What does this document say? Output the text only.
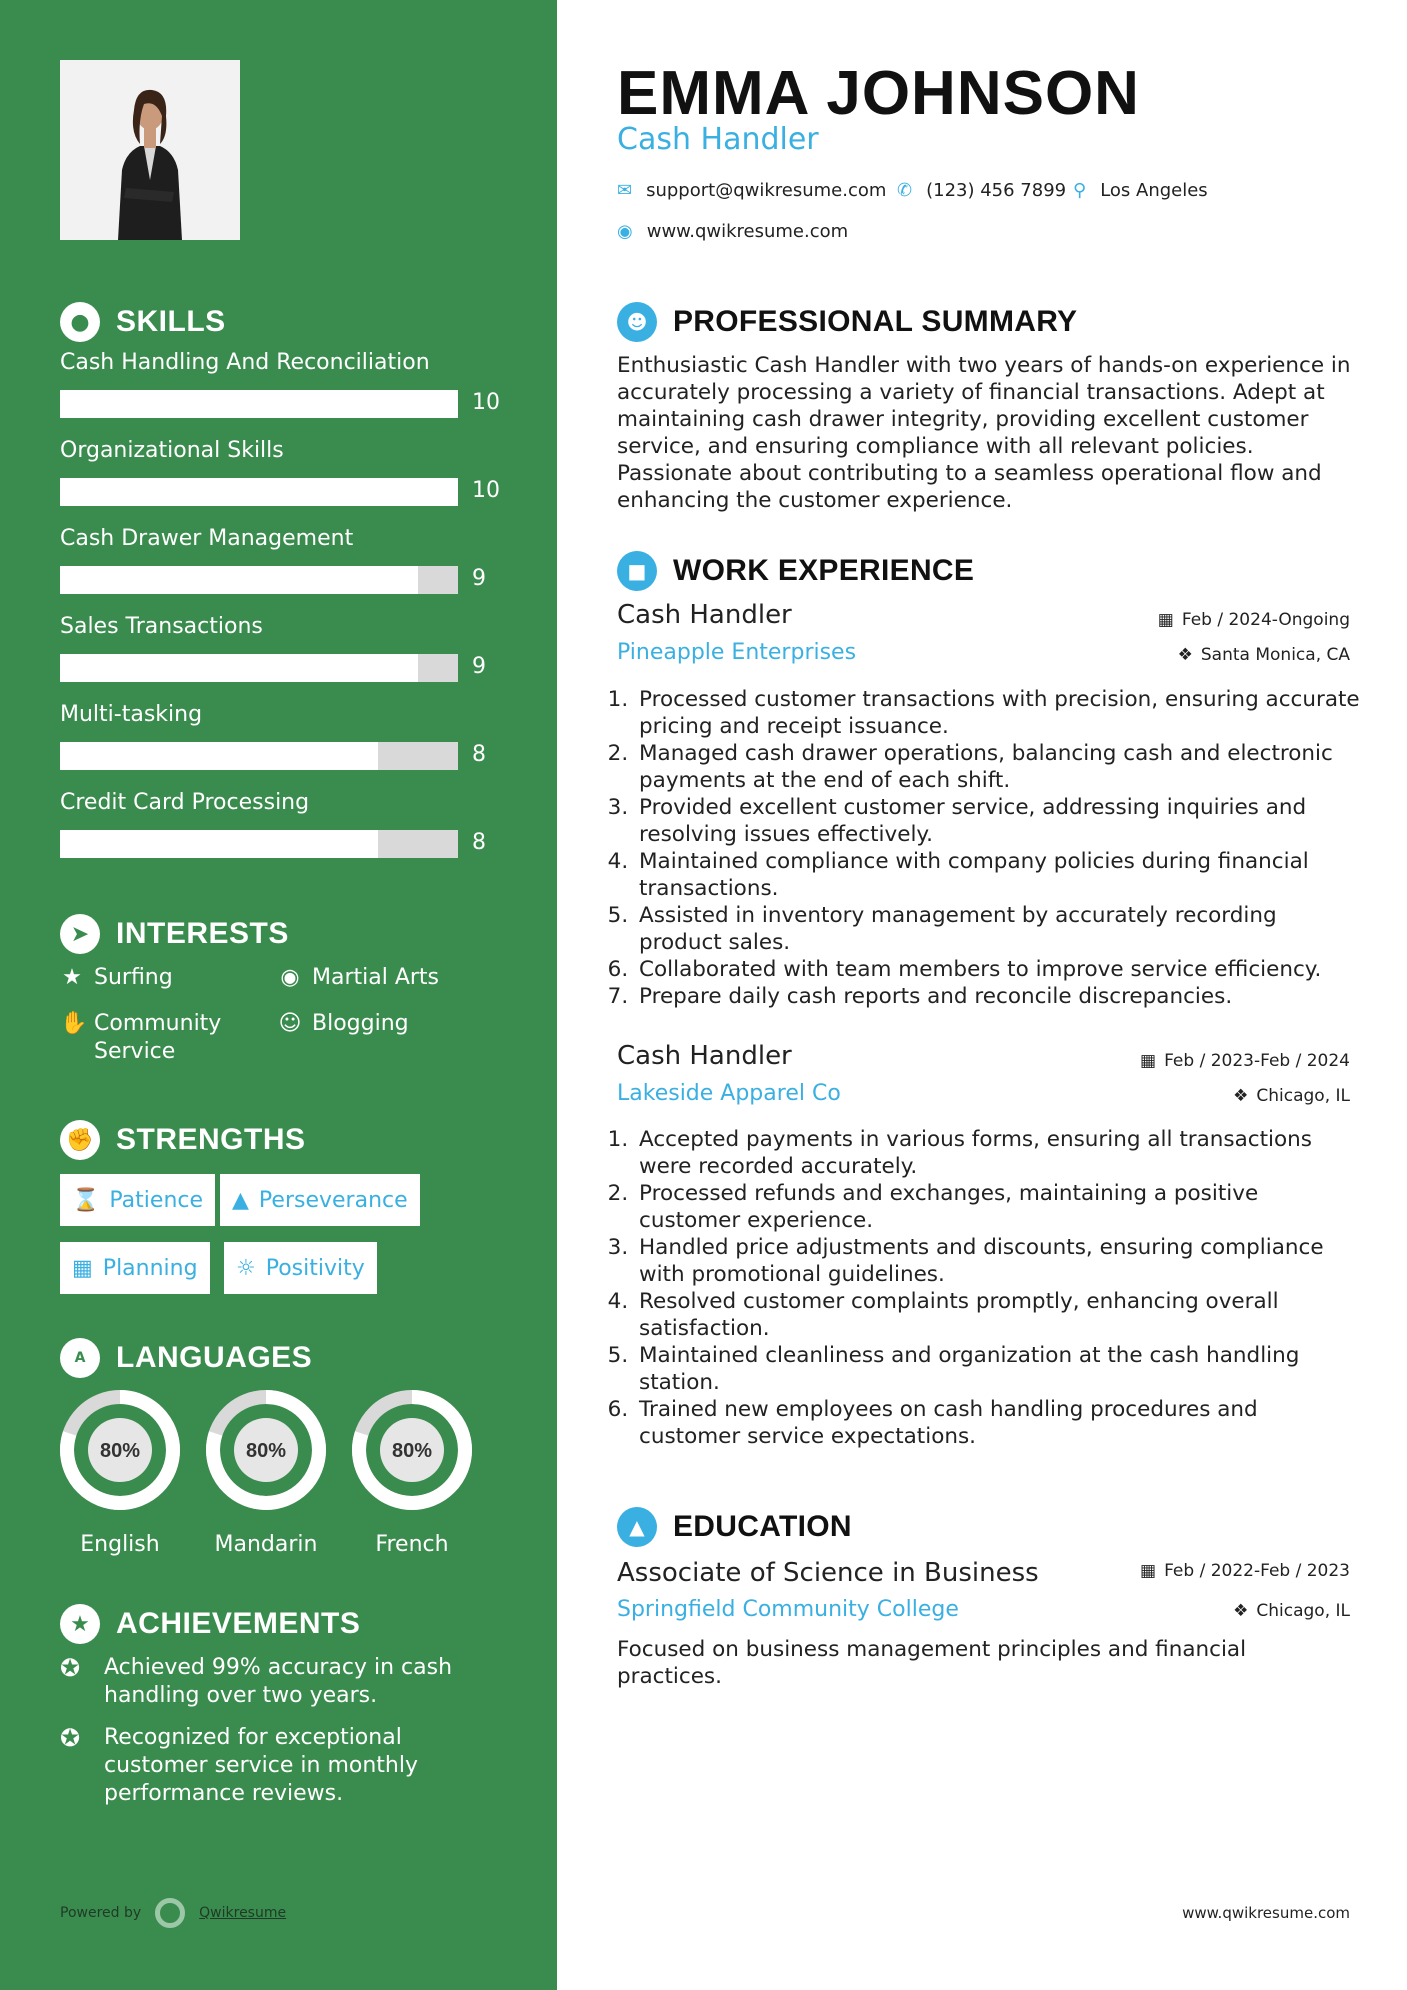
● SKILLS
Cash Handling And Reconciliation
10
Organizational Skills
10
Cash Drawer Management
9
Sales Transactions
9
Multi-tasking
8
Credit Card Processing
8
➤ INTERESTS
★ Surfing	◉ Martial Arts
✋ Community Service
☺ Blogging
✊ STRENGTHS
⌛ Patience ▲ Perseverance
▦ Planning ☼ Positivity
A	LANGUAGES
80%
English
80%
Mandarin
80%
French
★ ACHIEVEMENTS
✪	Achieved 99% accuracy in cash handling over two years.
✪	Recognized for exceptional customer service in monthly performance reviews.
Powered by	Qwikresume
EMMA JOHNSON
Cash Handler
✉ support@qwikresume.com ✆ (123) 456 7899 ⚲ Los Angeles
◉ www.qwikresume.com
☻ PROFESSIONAL SUMMARY
Enthusiastic Cash Handler with two years of hands-on experience in accurately processing a variety of financial transactions. Adept at maintaining cash drawer integrity, providing excellent customer service, and ensuring compliance with all relevant policies. Passionate about contributing to a seamless operational flow and enhancing the customer experience.
■ WORK EXPERIENCE
Cash Handler	▦ Feb / 2024-Ongoing
Pineapple Enterprises	❖ Santa Monica, CA
1. Processed customer transactions with precision, ensuring accurate pricing and receipt issuance.
2. Managed cash drawer operations, balancing cash and electronic payments at the end of each shift.
3. Provided excellent customer service, addressing inquiries and resolving issues effectively.
4. Maintained compliance with company policies during financial transactions.
5. Assisted in inventory management by accurately recording product sales.
6. Collaborated with team members to improve service efficiency.
7. Prepare daily cash reports and reconcile discrepancies.
Cash Handler	▦ Feb / 2023-Feb / 2024
Lakeside Apparel Co	❖ Chicago, IL
1. Accepted payments in various forms, ensuring all transactions were recorded accurately.
2. Processed refunds and exchanges, maintaining a positive customer experience.
3. Handled price adjustments and discounts, ensuring compliance with promotional guidelines.
4. Resolved customer complaints promptly, enhancing overall satisfaction.
5. Maintained cleanliness and organization at the cash handling station.
6. Trained new employees on cash handling procedures and customer service expectations.
▲ EDUCATION
Associate of Science in Business	▦ Feb / 2022-Feb / 2023
Springfield Community College	❖ Chicago, IL
Focused on business management principles and financial practices.
www.qwikresume.com
